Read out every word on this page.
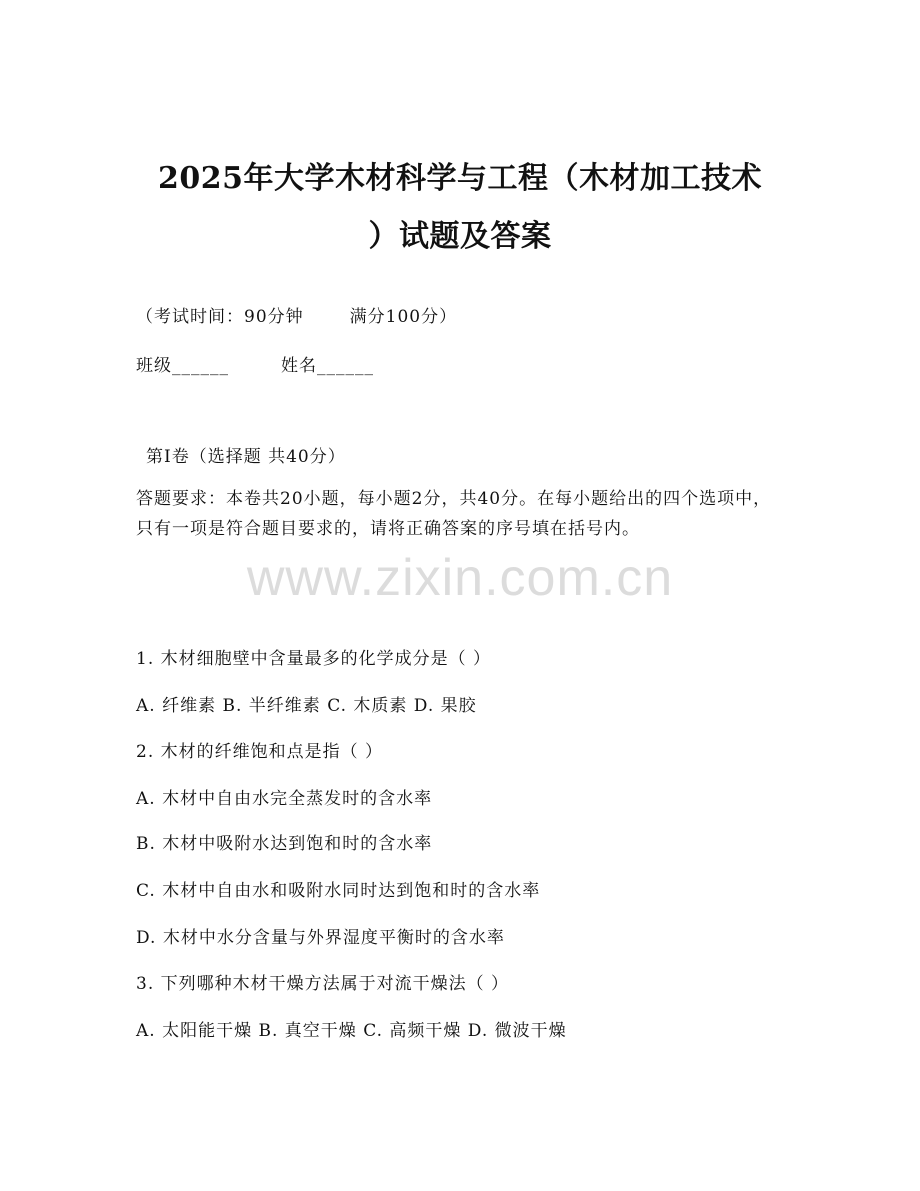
2025年大学木材科学与工程（木材加工技术
）试题及答案
（考试时间：90分钟	满分100分）
班级______	姓名______
第Ⅰ卷（选择题 共40分）
答题要求：本卷共20小题，每小题2分，共40分。在每小题给出的四个选项中，只有一项是符合题目要求的，请将正确答案的序号填在括号内。
www.zixin.com.cn
1. 木材细胞壁中含量最多的化学成分是（ ）
A. 纤维素 B. 半纤维素 C. 木质素 D. 果胶
2. 木材的纤维饱和点是指（ ）
A. 木材中自由水完全蒸发时的含水率
B. 木材中吸附水达到饱和时的含水率
C. 木材中自由水和吸附水同时达到饱和时的含水率
D. 木材中水分含量与外界湿度平衡时的含水率
3. 下列哪种木材干燥方法属于对流干燥法（ ）
A. 太阳能干燥 B. 真空干燥 C. 高频干燥 D. 微波干燥
